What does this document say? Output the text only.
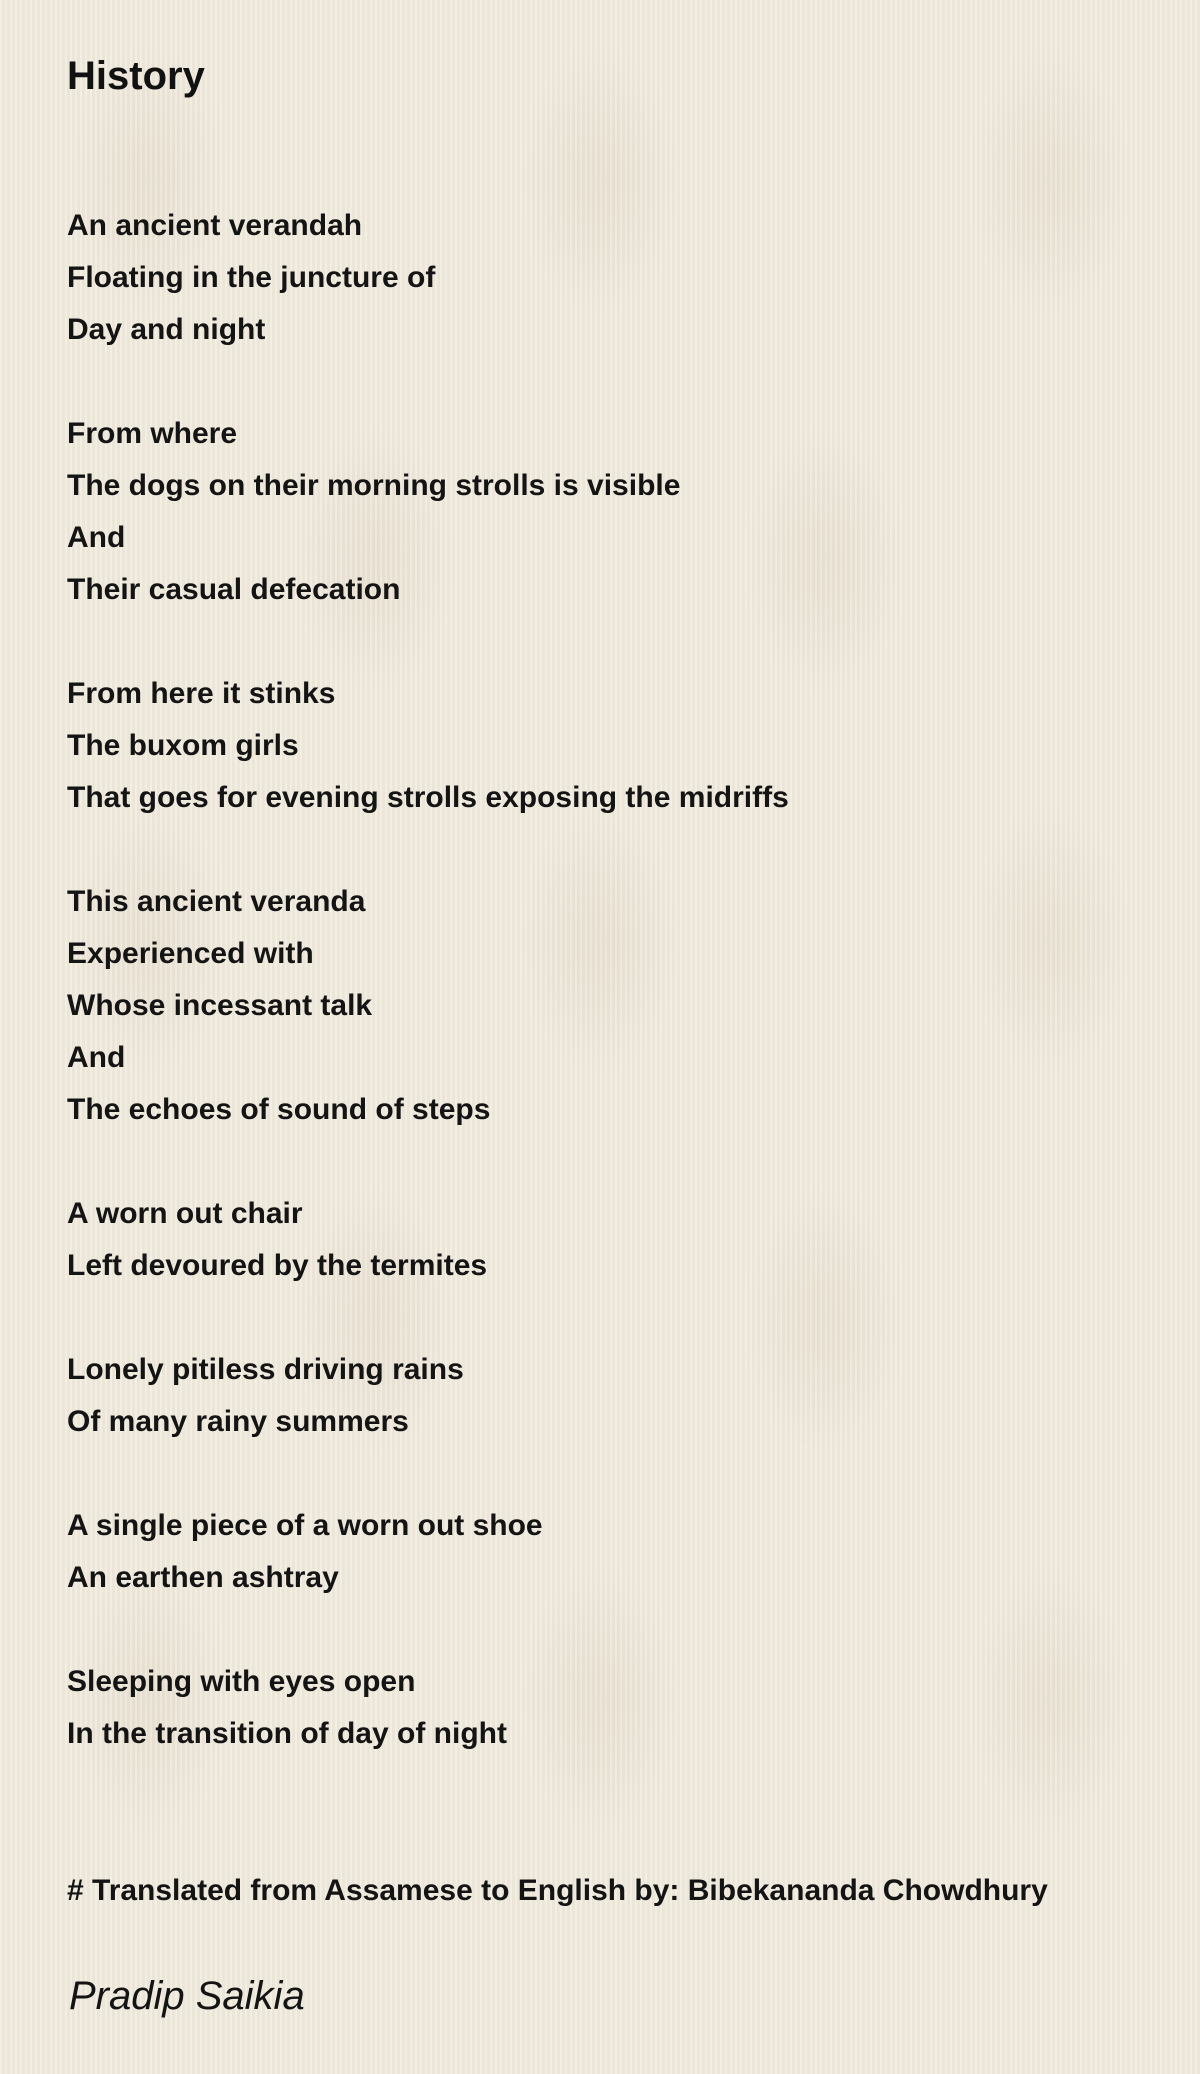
History
An ancient verandah
Floating in the juncture of
Day and night
From where
The dogs on their morning strolls is visible
And
Their casual defecation
From here it stinks
The buxom girls
That goes for evening strolls exposing the midriffs
This ancient veranda
Experienced with
Whose incessant talk
And
The echoes of sound of steps
A worn out chair
Left devoured by the termites
Lonely pitiless driving rains
Of many rainy summers
A single piece of a worn out shoe
An earthen ashtray
Sleeping with eyes open
In the transition of day of night
# Translated from Assamese to English by: Bibekananda Chowdhury
Pradip Saikia
